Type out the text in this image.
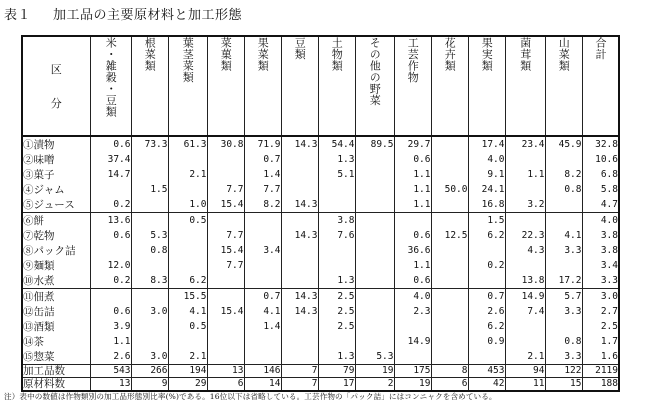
表１ 加工品の主要原材料と加工形態
区
分	米・雑穀・豆類	根菜類	葉茎菜類	菜菓類	果菜類	豆類	土物類	その他の野菜	工芸作物	花卉類	果実類	菌茸類	山菜類	合計
①漬物	0.6	73.3	61.3	30.8	71.9	14.3	54.4	89.5	29.7		17.4	23.4	45.9	32.8
②味噌	37.4				0.7		1.3		0.6		4.0			10.6
③菓子	14.7		2.1		1.4		5.1		1.1		9.1	1.1	8.2	6.8
④ジャム		1.5		7.7	7.7				1.1	50.0	24.1		0.8	5.8
⑤ジュース	0.2		1.0	15.4	8.2	14.3			1.1		16.8	3.2		4.7
⑥餅	13.6		0.5				3.8				1.5			4.0
⑦乾物	0.6	5.3		7.7		14.3	7.6		0.6	12.5	6.2	22.3	4.1	3.8
⑧パック詰		0.8		15.4	3.4				36.6			4.3	3.3	3.8
⑨麺類	12.0			7.7					1.1		0.2			3.4
⑩水煮	0.2	8.3	6.2				1.3		0.6			13.8	17.2	3.3
⑪佃煮			15.5		0.7	14.3	2.5		4.0		0.7	14.9	5.7	3.0
⑫缶詰	0.6	3.0	4.1	15.4	4.1	14.3	2.5		2.3		2.6	7.4	3.3	2.7
⑬酒類	3.9		0.5		1.4		2.5				6.2			2.5
⑭茶	1.1								14.9		0.9		0.8	1.7
⑮惣菜	2.6	3.0	2.1				1.3	5.3				2.1	3.3	1.6
加工品数	543	266	194	13	146	7	79	19	175	8	453	94	122	2119
原材料数	13	9	29	6	14	7	17	2	19	6	42	11	15	188
注）表中の数値は作物類別の加工品形態別比率(%)である。16位以下は省略している。工芸作物の「パック詰」にはコンニャクを含めている。
